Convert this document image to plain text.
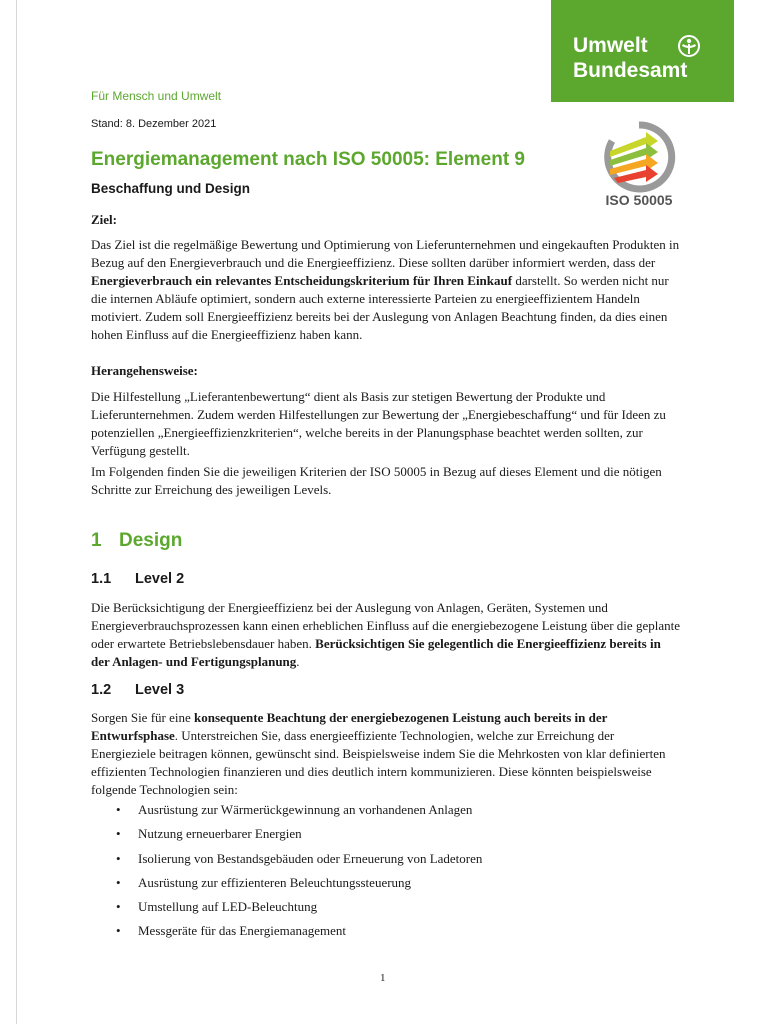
Umwelt
Bundesamt
Für Mensch und Umwelt
Stand: 8. Dezember 2021
Energiemanagement nach ISO 50005: Element 9
Beschaffung und Design
ISO 50005
Ziel:

Das Ziel ist die regelmäßige Bewertung und Optimierung von Lieferunternehmen und eingekauften Produkten in Bezug auf den Energieverbrauch und die Energieeffizienz. Diese sollten darüber informiert werden, dass der Energieverbrauch ein relevantes Entscheidungskriterium für Ihren Einkauf darstellt. So werden nicht nur die internen Abläufe optimiert, sondern auch externe interessierte Parteien zu energieeffizientem Handeln motiviert. Zudem soll Energieeffizienz bereits bei der Auslegung von Anlagen Beachtung finden, da dies einen hohen Einfluss auf die Energieeffizienz haben kann.

Herangehensweise:
Die Hilfestellung „Lieferantenbewertung“ dient als Basis zur stetigen Bewertung der Produkte und Lieferunternehmen. Zudem werden Hilfestellungen zur Bewertung der „Energiebeschaffung“ und für Ideen zu potenziellen „Energieeffizienzkriterien“, welche bereits in der Planungsphase beachtet werden sollten, zur Verfügung gestellt.
Im Folgenden finden Sie die jeweiligen Kriterien der ISO 50005 in Bezug auf dieses Element und die nötigen Schritte zur Erreichung des jeweiligen Levels.
1 Design
1.1 Level 2

Die Berücksichtigung der Energieeffizienz bei der Auslegung von Anlagen, Geräten, Systemen und Energieverbrauchsprozessen kann einen erheblichen Einfluss auf die energiebezogene Leistung über die geplante oder erwartete Betriebslebensdauer haben. Berücksichtigen Sie gelegentlich die Energieeffizienz bereits in der Anlagen- und Fertigungsplanung.

1.2 Level 3

Sorgen Sie für eine konsequente Beachtung der energiebezogenen Leistung auch bereits in der Entwurfsphase. Unterstreichen Sie, dass energieeffiziente Technologien, welche zur Erreichung der Energieziele beitragen können, gewünscht sind. Beispielsweise indem Sie die Mehrkosten von klar definierten effizienten Technologien finanzieren und dies deutlich intern kommunizieren. Diese könnten beispielsweise folgende Technologien sein:

• Ausrüstung zur Wärmerückgewinnung an vorhandenen Anlagen
• Nutzung erneuerbarer Energien
• Isolierung von Bestandsgebäuden oder Erneuerung von Ladetoren
• Ausrüstung zur effizienteren Beleuchtungssteuerung
• Umstellung auf LED-Beleuchtung
• Messgeräte für das Energiemanagement
1
